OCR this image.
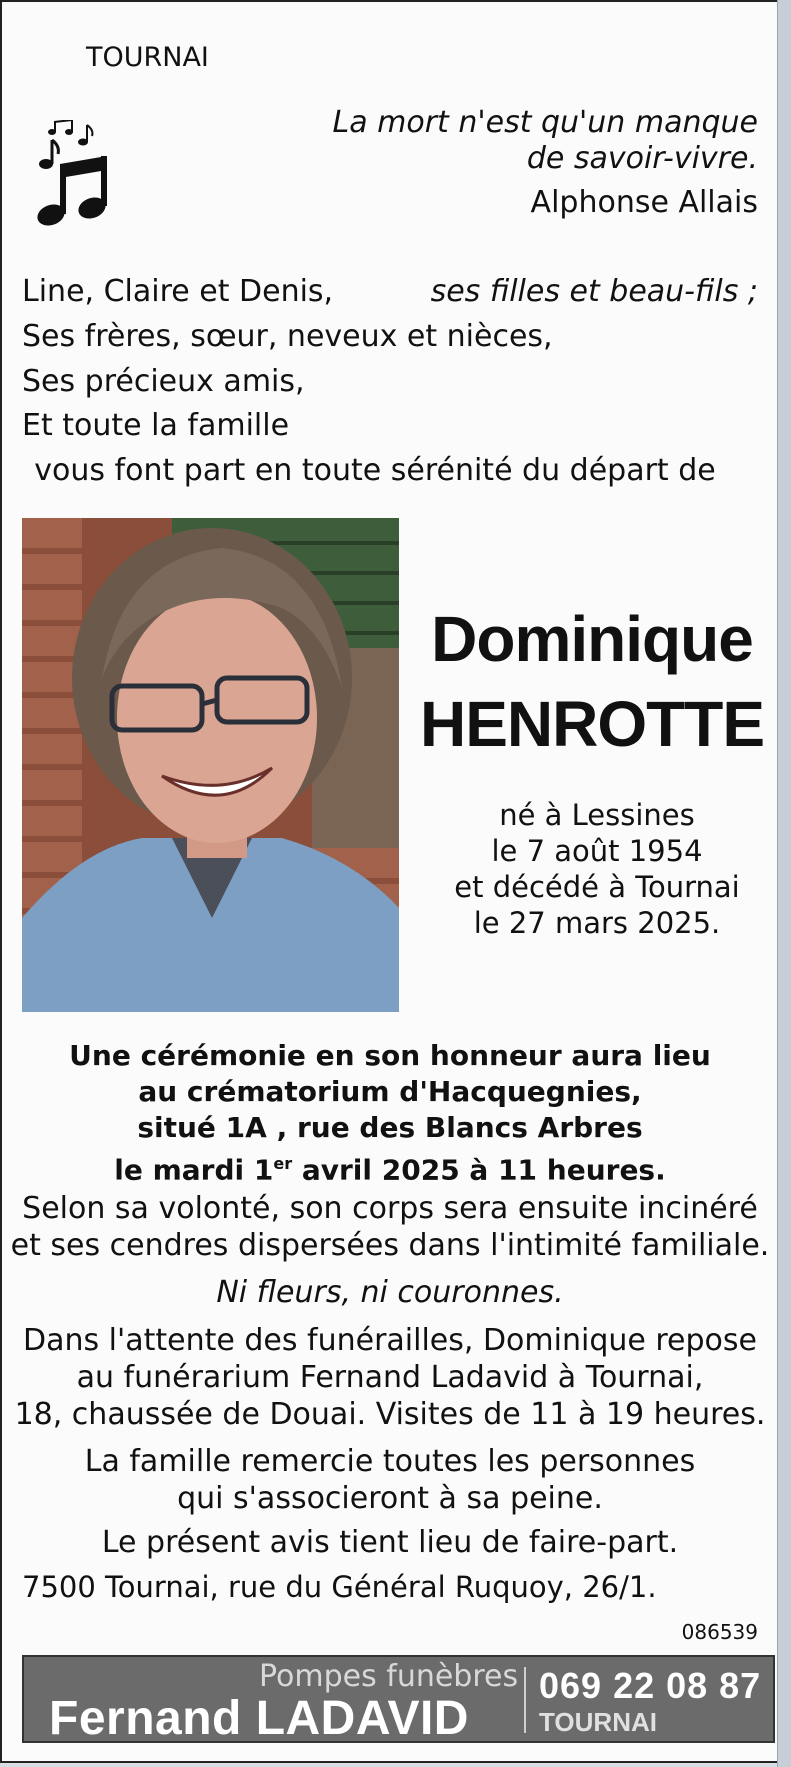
TOURNAI
La mort n'est qu'un manque
de savoir-vivre.
Alphonse Allais
Line, Claire et Denis,	ses filles et beau-fils ;
Ses frères, sœur, neveux et nièces,
Ses précieux amis,
Et toute la famille
vous font part en toute sérénité du départ de
Dominique
HENROTTE
né à Lessines
le 7 août 1954
et décédé à Tournai
le 27 mars 2025.
Une cérémonie en son honneur aura lieu
au crématorium d'Hacquegnies,
situé 1A , rue des Blancs Arbres
le mardi 1er avril 2025 à 11 heures.
Selon sa volonté, son corps sera ensuite incinéré
et ses cendres dispersées dans l'intimité familiale.
Ni fleurs, ni couronnes.
Dans l'attente des funérailles, Dominique repose
au funérarium Fernand Ladavid à Tournai,
18, chaussée de Douai. Visites de 11 à 19 heures.
La famille remercie toutes les personnes
qui s'associeront à sa peine.
Le présent avis tient lieu de faire-part.
7500 Tournai, rue du Général Ruquoy, 26/1.
086539
Pompes funèbres
Fernand LADAVID
069 22 08 87
TOURNAI
